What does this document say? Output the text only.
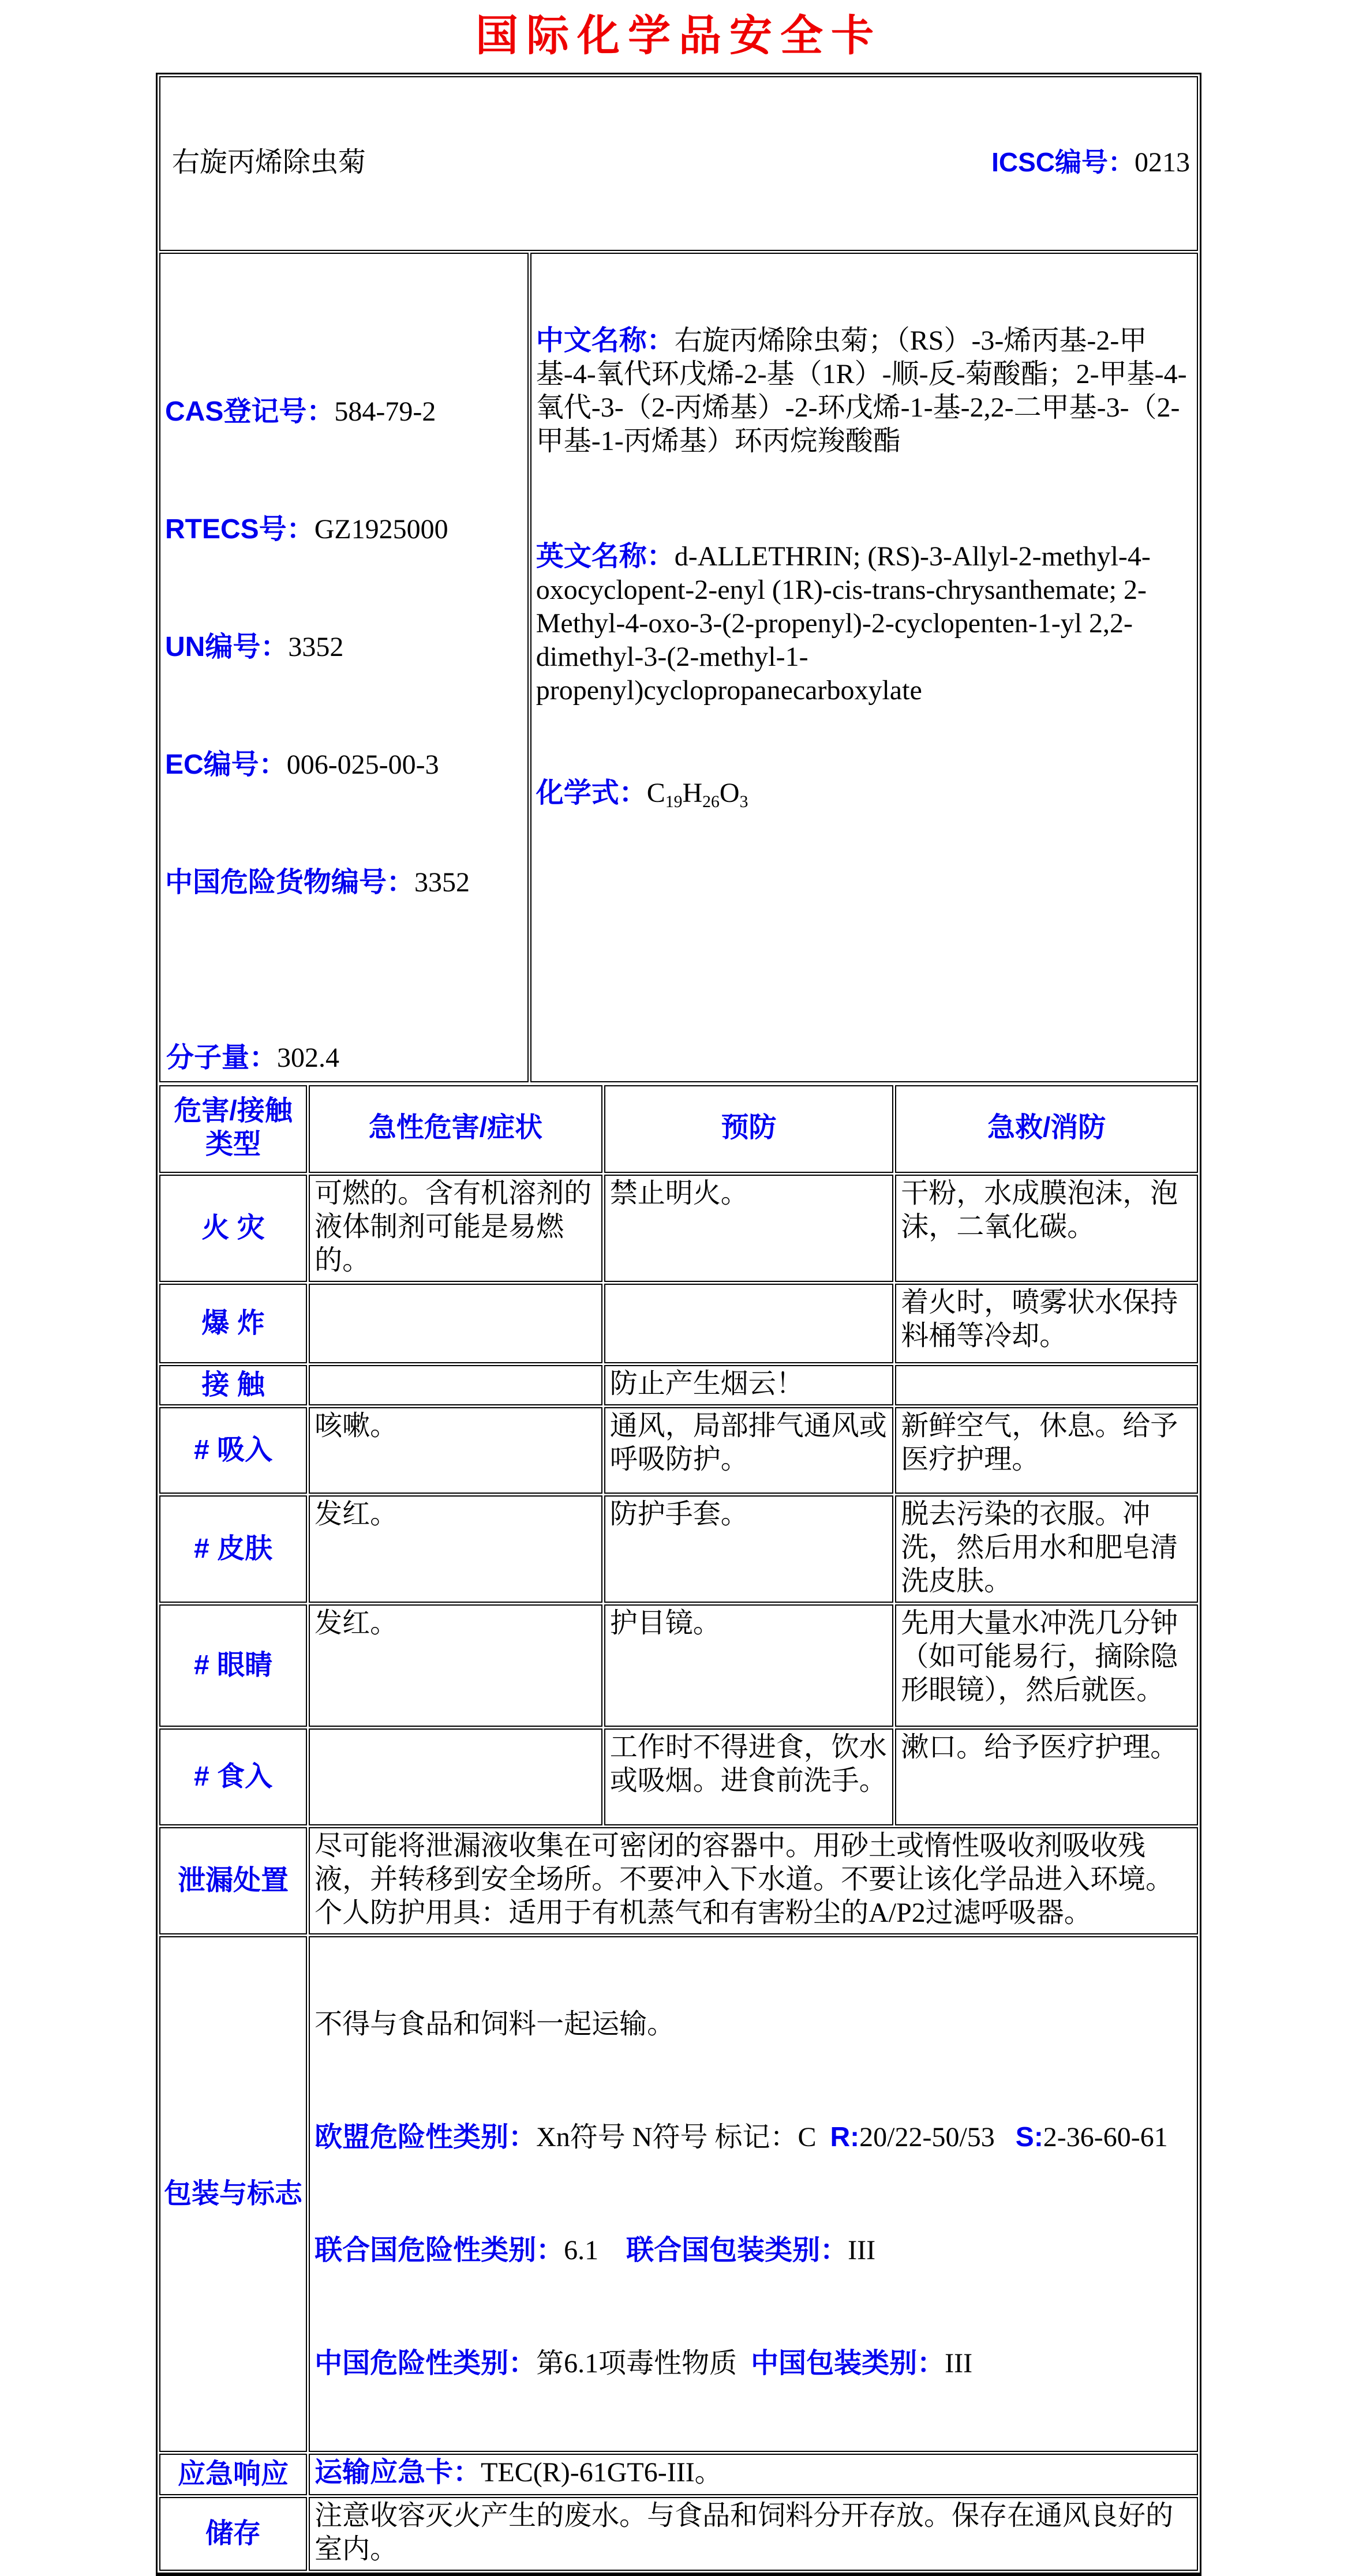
国际化学品安全卡

右旋丙烯除虫菊	ICSC编号：0213

CAS登记号：584-79-2

RTECS号：GZ1925000

UN编号：3352

EC编号：006-025-00-3

中国危险货物编号：3352

分子量：302.4

中文名称：右旋丙烯除虫菊；（RS）-3-烯丙基-2-甲基-4-氧代环戊烯-2-基（1R）-顺-反-菊酸酯；2-甲基-4-氧代-3-（2-丙烯基）-2-环戊烯-1-基-2,2-二甲基-3-（2-甲基-1-丙烯基）环丙烷羧酸酯

英文名称：d-ALLETHRIN; (RS)-3-Allyl-2-methyl-4-oxocyclopent-2-enyl (1R)-cis-trans-chrysanthemate; 2-Methyl-4-oxo-3-(2-propenyl)-2-cyclopenten-1-yl 2,2-dimethyl-3-(2-methyl-1-propenyl)cyclopropanecarboxylate

化学式：C19H26O3

危害/接触类型	急性危害/症状	预防	急救/消防
火 灾	可燃的。含有机溶剂的液体制剂可能是易燃的。	禁止明火。	干粉，水成膜泡沫，泡沫，二氧化碳。
爆 炸			着火时，喷雾状水保持料桶等冷却。
接 触		防止产生烟云！	
# 吸入	咳嗽。	通风，局部排气通风或呼吸防护。	新鲜空气，休息。给予医疗护理。
# 皮肤	发红。	防护手套。	脱去污染的衣服。冲洗，然后用水和肥皂清洗皮肤。
# 眼睛	发红。	护目镜。	先用大量水冲洗几分钟（如可能易行，摘除隐形眼镜），然后就医。
# 食入		工作时不得进食，饮水或吸烟。进食前洗手。	漱口。给予医疗护理。
泄漏处置	尽可能将泄漏液收集在可密闭的容器中。用砂土或惰性吸收剂吸收残液，并转移到安全场所。不要冲入下水道。不要让该化学品进入环境。个人防护用具：适用于有机蒸气和有害粉尘的A/P2过滤呼吸器。		
包装与标志	不得与食品和饲料一起运输。

欧盟危险性类别：Xn符号 N符号 标记：C  R:20/22-50/53   S:2-36-60-61

联合国危险性类别：6.1    联合国包装类别：III

中国危险性类别：第6.1项毒性物质  中国包装类别：III		

应急响应	运输应急卡：TEC(R)-61GT6-III。		
储存	注意收容灭火产生的废水。与食品和饲料分开存放。保存在通风良好的室内。		
